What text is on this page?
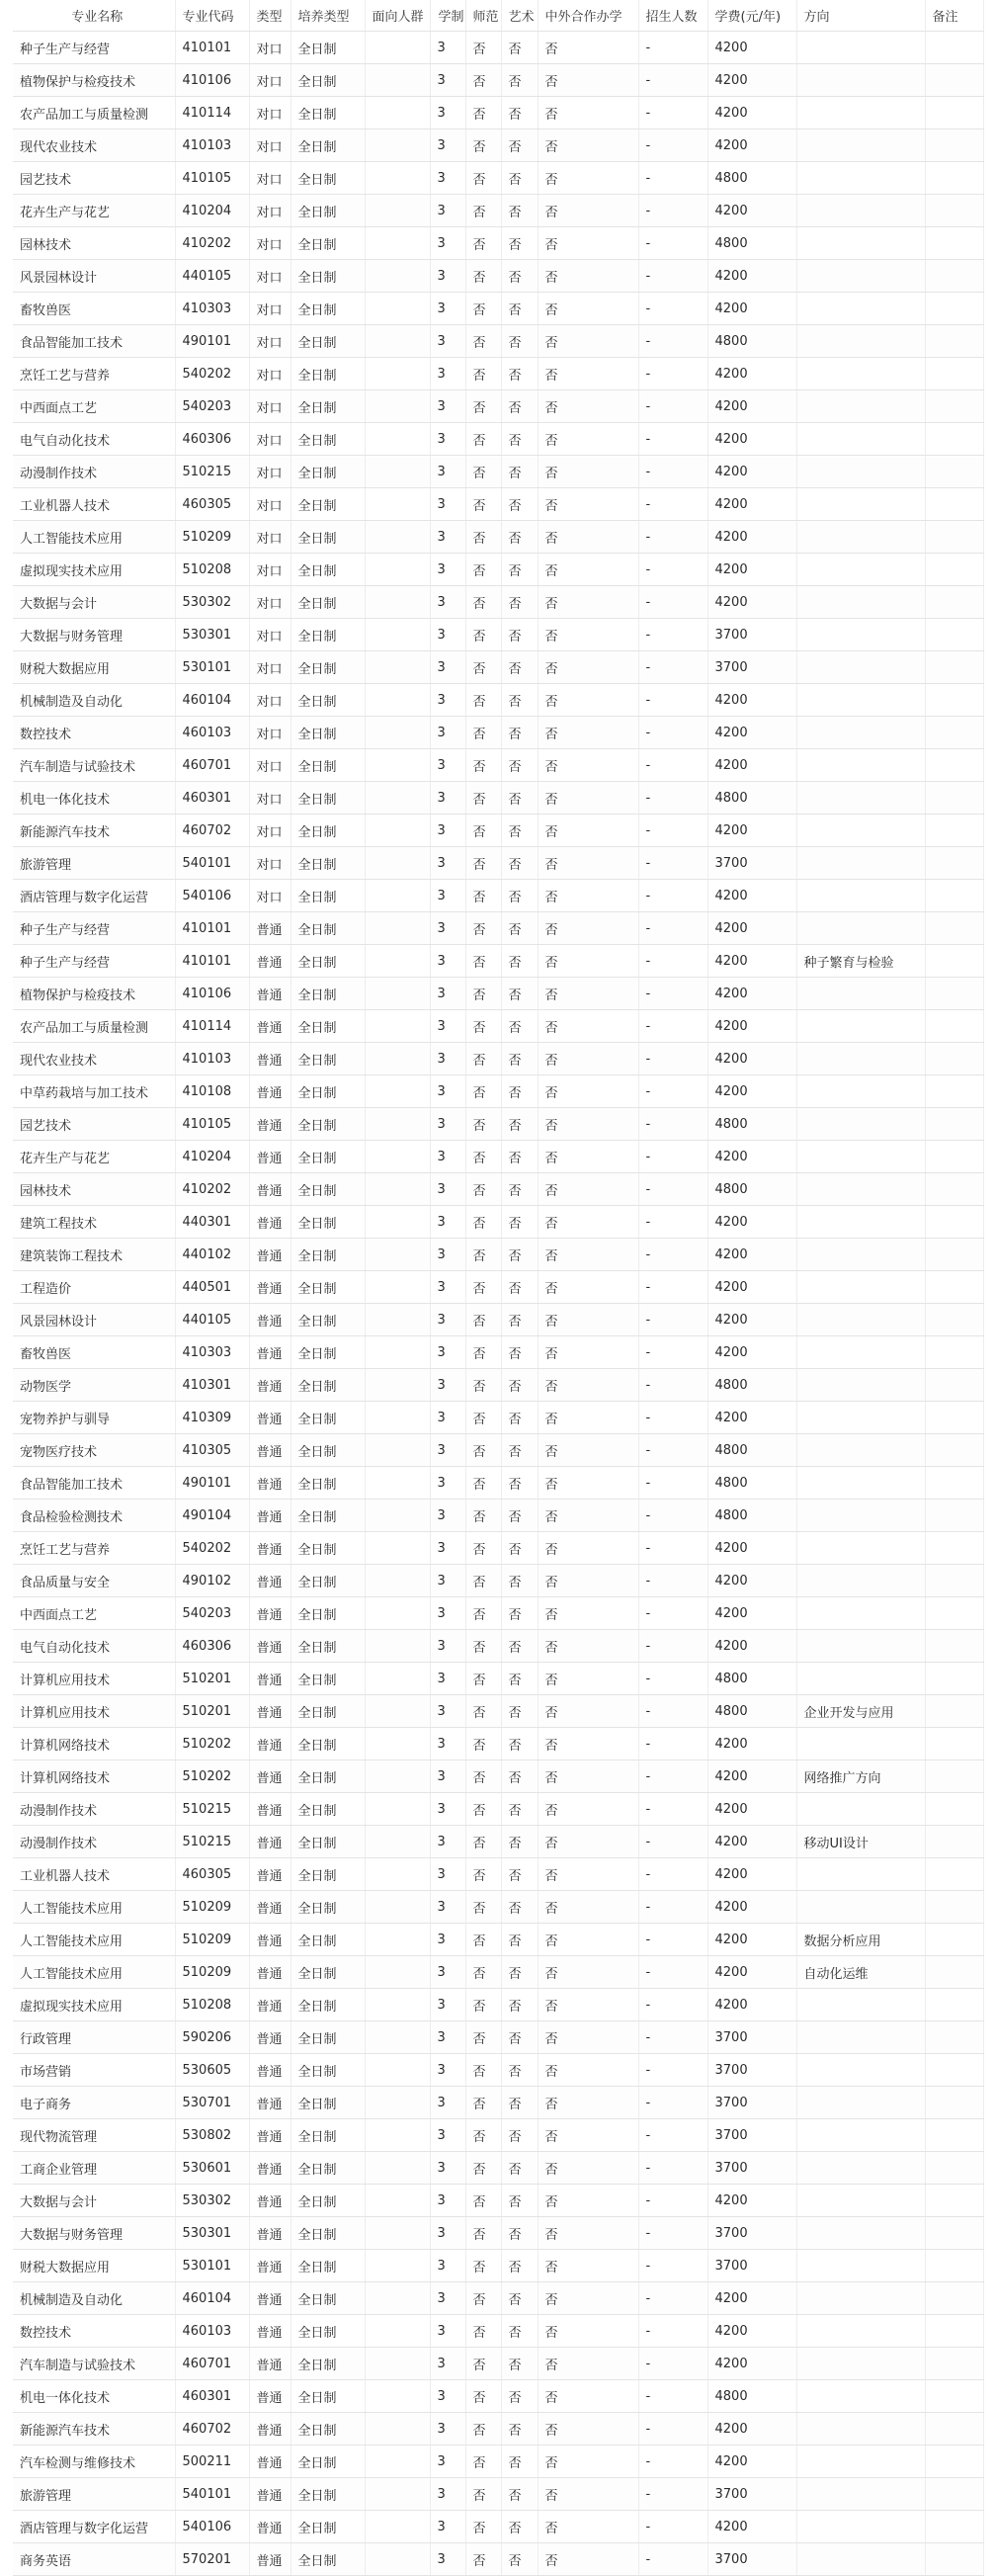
专业名称	专业代码	类型	培养类型	面向人群	学制	师范	艺术	中外合作办学	招生人数	学费(元/年)	方向	备注
种子生产与经营	410101	对口	全日制		3	否	否	否	-	4200		
植物保护与检疫技术	410106	对口	全日制		3	否	否	否	-	4200		
农产品加工与质量检测	410114	对口	全日制		3	否	否	否	-	4200		
现代农业技术	410103	对口	全日制		3	否	否	否	-	4200		
园艺技术	410105	对口	全日制		3	否	否	否	-	4800		
花卉生产与花艺	410204	对口	全日制		3	否	否	否	-	4200		
园林技术	410202	对口	全日制		3	否	否	否	-	4800		
风景园林设计	440105	对口	全日制		3	否	否	否	-	4200		
畜牧兽医	410303	对口	全日制		3	否	否	否	-	4200		
食品智能加工技术	490101	对口	全日制		3	否	否	否	-	4800		
烹饪工艺与营养	540202	对口	全日制		3	否	否	否	-	4200		
中西面点工艺	540203	对口	全日制		3	否	否	否	-	4200		
电气自动化技术	460306	对口	全日制		3	否	否	否	-	4200		
动漫制作技术	510215	对口	全日制		3	否	否	否	-	4200		
工业机器人技术	460305	对口	全日制		3	否	否	否	-	4200		
人工智能技术应用	510209	对口	全日制		3	否	否	否	-	4200		
虚拟现实技术应用	510208	对口	全日制		3	否	否	否	-	4200		
大数据与会计	530302	对口	全日制		3	否	否	否	-	4200		
大数据与财务管理	530301	对口	全日制		3	否	否	否	-	3700		
财税大数据应用	530101	对口	全日制		3	否	否	否	-	3700		
机械制造及自动化	460104	对口	全日制		3	否	否	否	-	4200		
数控技术	460103	对口	全日制		3	否	否	否	-	4200		
汽车制造与试验技术	460701	对口	全日制		3	否	否	否	-	4200		
机电一体化技术	460301	对口	全日制		3	否	否	否	-	4800		
新能源汽车技术	460702	对口	全日制		3	否	否	否	-	4200		
旅游管理	540101	对口	全日制		3	否	否	否	-	3700		
酒店管理与数字化运营	540106	对口	全日制		3	否	否	否	-	4200		
种子生产与经营	410101	普通	全日制		3	否	否	否	-	4200		
种子生产与经营	410101	普通	全日制		3	否	否	否	-	4200	种子繁育与检验	
植物保护与检疫技术	410106	普通	全日制		3	否	否	否	-	4200		
农产品加工与质量检测	410114	普通	全日制		3	否	否	否	-	4200		
现代农业技术	410103	普通	全日制		3	否	否	否	-	4200		
中草药栽培与加工技术	410108	普通	全日制		3	否	否	否	-	4200		
园艺技术	410105	普通	全日制		3	否	否	否	-	4800		
花卉生产与花艺	410204	普通	全日制		3	否	否	否	-	4200		
园林技术	410202	普通	全日制		3	否	否	否	-	4800		
建筑工程技术	440301	普通	全日制		3	否	否	否	-	4200		
建筑装饰工程技术	440102	普通	全日制		3	否	否	否	-	4200		
工程造价	440501	普通	全日制		3	否	否	否	-	4200		
风景园林设计	440105	普通	全日制		3	否	否	否	-	4200		
畜牧兽医	410303	普通	全日制		3	否	否	否	-	4200		
动物医学	410301	普通	全日制		3	否	否	否	-	4800		
宠物养护与驯导	410309	普通	全日制		3	否	否	否	-	4200		
宠物医疗技术	410305	普通	全日制		3	否	否	否	-	4800		
食品智能加工技术	490101	普通	全日制		3	否	否	否	-	4800		
食品检验检测技术	490104	普通	全日制		3	否	否	否	-	4800		
烹饪工艺与营养	540202	普通	全日制		3	否	否	否	-	4200		
食品质量与安全	490102	普通	全日制		3	否	否	否	-	4200		
中西面点工艺	540203	普通	全日制		3	否	否	否	-	4200		
电气自动化技术	460306	普通	全日制		3	否	否	否	-	4200		
计算机应用技术	510201	普通	全日制		3	否	否	否	-	4800		
计算机应用技术	510201	普通	全日制		3	否	否	否	-	4800	企业开发与应用	
计算机网络技术	510202	普通	全日制		3	否	否	否	-	4200		
计算机网络技术	510202	普通	全日制		3	否	否	否	-	4200	网络推广方向	
动漫制作技术	510215	普通	全日制		3	否	否	否	-	4200		
动漫制作技术	510215	普通	全日制		3	否	否	否	-	4200	移动UI设计	
工业机器人技术	460305	普通	全日制		3	否	否	否	-	4200		
人工智能技术应用	510209	普通	全日制		3	否	否	否	-	4200		
人工智能技术应用	510209	普通	全日制		3	否	否	否	-	4200	数据分析应用	
人工智能技术应用	510209	普通	全日制		3	否	否	否	-	4200	自动化运维	
虚拟现实技术应用	510208	普通	全日制		3	否	否	否	-	4200		
行政管理	590206	普通	全日制		3	否	否	否	-	3700		
市场营销	530605	普通	全日制		3	否	否	否	-	3700		
电子商务	530701	普通	全日制		3	否	否	否	-	3700		
现代物流管理	530802	普通	全日制		3	否	否	否	-	3700		
工商企业管理	530601	普通	全日制		3	否	否	否	-	3700		
大数据与会计	530302	普通	全日制		3	否	否	否	-	4200		
大数据与财务管理	530301	普通	全日制		3	否	否	否	-	3700		
财税大数据应用	530101	普通	全日制		3	否	否	否	-	3700		
机械制造及自动化	460104	普通	全日制		3	否	否	否	-	4200		
数控技术	460103	普通	全日制		3	否	否	否	-	4200		
汽车制造与试验技术	460701	普通	全日制		3	否	否	否	-	4200		
机电一体化技术	460301	普通	全日制		3	否	否	否	-	4800		
新能源汽车技术	460702	普通	全日制		3	否	否	否	-	4200		
汽车检测与维修技术	500211	普通	全日制		3	否	否	否	-	4200		
旅游管理	540101	普通	全日制		3	否	否	否	-	3700		
酒店管理与数字化运营	540106	普通	全日制		3	否	否	否	-	4200		
商务英语	570201	普通	全日制		3	否	否	否	-	3700		
